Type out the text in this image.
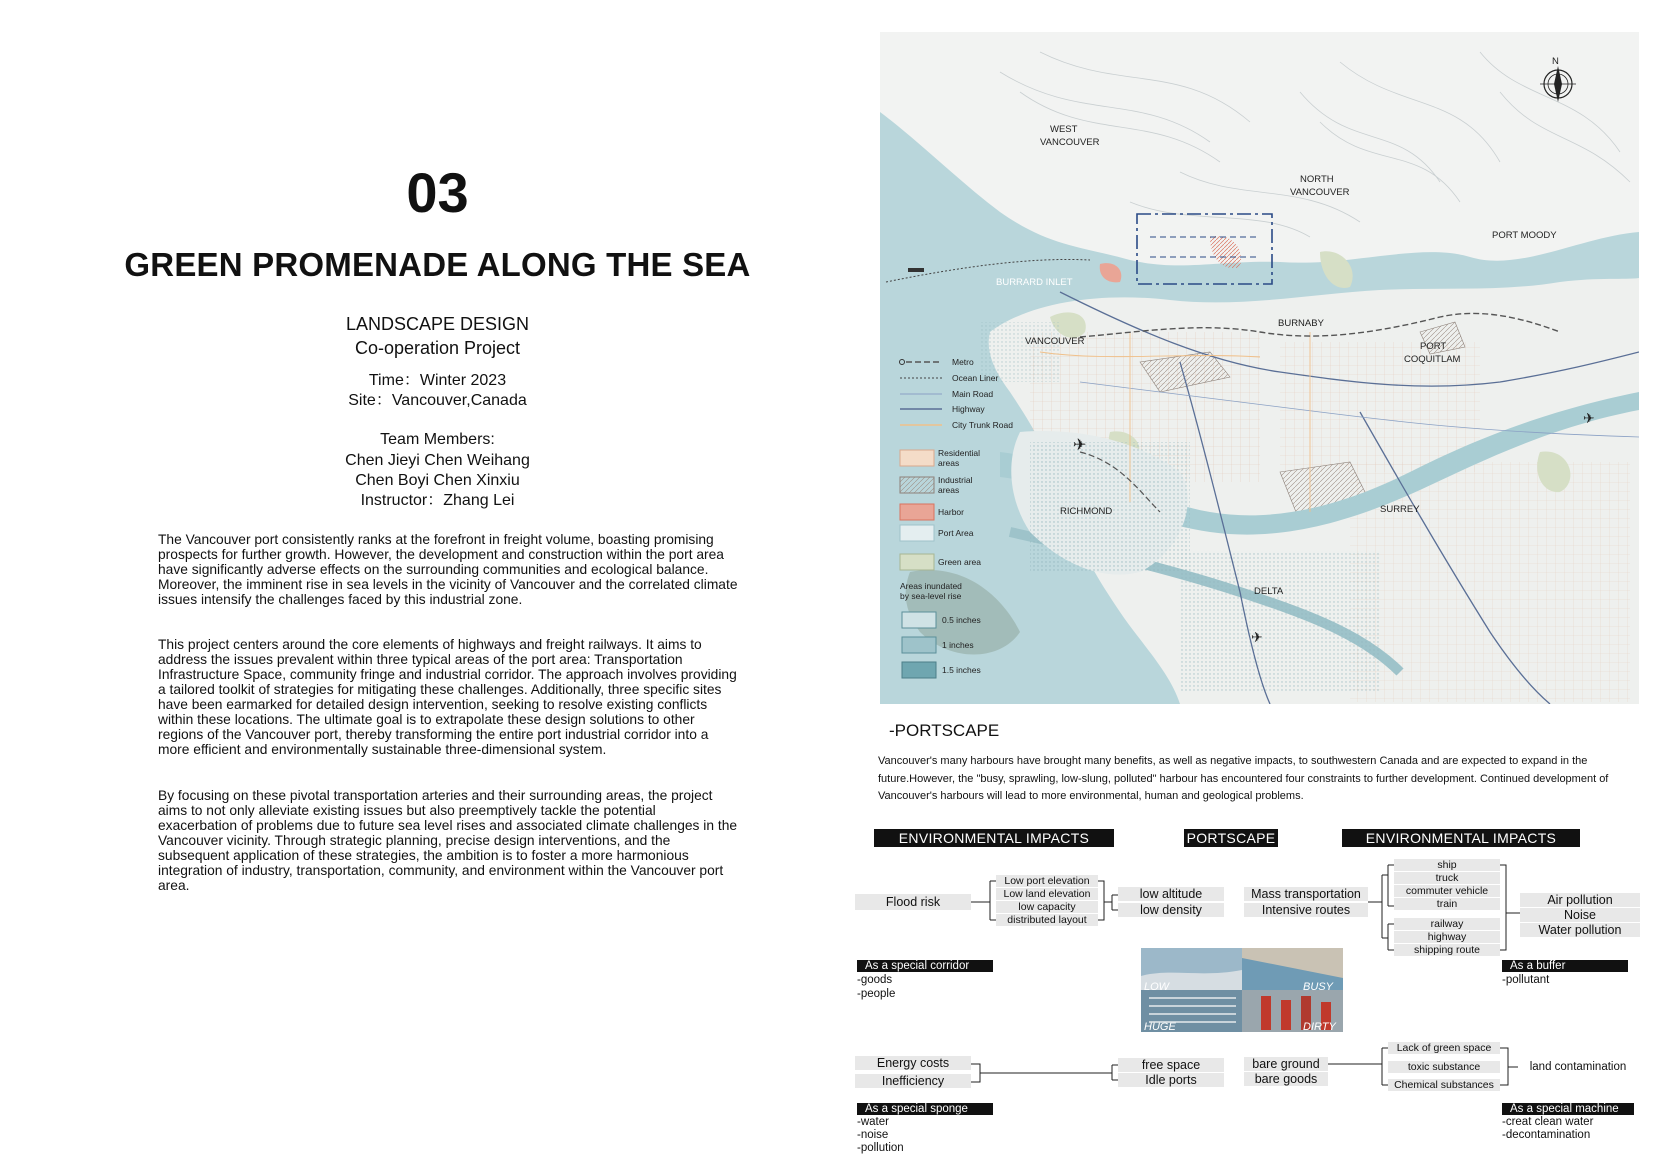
03
GREEN PROMENADE ALONG THE SEA
LANDSCAPE DESIGN
Co-operation Project
Time：Winter 2023
Site：Vancouver,Canada
Team Members:
Chen Jieyi Chen Weihang
Chen Boyi Chen Xinxiu
Instructor：Zhang Lei
The Vancouver port consistently ranks at the forefront in freight volume, boasting promising prospects for further growth. However, the development and construction within the port area have significantly adverse effects on the surrounding communities and ecological balance. Moreover, the imminent rise in sea levels in the vicinity of Vancouver and the correlated climate issues intensify the challenges faced by this industrial zone.
This project centers around the core elements of highways and freight railways. It aims to address the issues prevalent within three typical areas of the port area: Transportation Infrastructure Space, community fringe and industrial corridor. The approach involves providing a tailored toolkit of strategies for mitigating these challenges. Additionally, three specific sites have been earmarked for detailed design intervention, seeking to resolve existing conflicts within these locations. The ultimate goal is to extrapolate these design solutions to other regions of the Vancouver port, thereby transforming the entire port industrial corridor into a more efficient and environmentally sustainable three-dimensional system.
By focusing on these pivotal transportation arteries and their surrounding areas, the project aims to not only alleviate existing issues but also preemptively tackle the potential exacerbation of problems due to future sea level rises and associated climate challenges in the Vancouver vicinity. Through strategic planning, precise design interventions, and the subsequent application of these strategies, the ambition is to foster a more harmonious integration of industry, transportation, community, and environment within the Vancouver port area.
✈
✈
✈
N
WEST
VANCOUVER
NORTH
VANCOUVER
PORT MOODY
BURRARD INLET
BURNABY
VANCOUVER	PORT
COQUITLAM
RICHMOND	SURREY
DELTA
Metro
Ocean Liner
Main Road
Highway
City Trunk Road
Residential
areas
Industrial
areas
Harbor
Port Area
Green area
Areas inundated
by sea-level rise
0.5 inches
1 inches
1.5 inches
-PORTSCAPE
Vancouver's many harbours have brought many benefits, as well as negative impacts, to southwestern Canada and are expected to expand in the future.However, the "busy, sprawling, low-slung, polluted" harbour has encountered four constraints to further development. Continued development of Vancouver's harbours will lead to more environmental, human and geological problems.
ENVIRONMENTAL IMPACTS	PORTSCAPE	ENVIRONMENTAL IMPACTS
Flood risk
Low port elevation
Low land elevation
low capacity
distributed layout
low altitude
low density
Mass transportation
Intensive routes
ship
truck
commuter vehicle
train
railway
highway
shipping route
Air pollution
Noise
Water pollution
As a special corridor
-goods
-people
As a buffer
-pollutant
LOW	BUSY
HUGE	DIRTY
Energy costs
Inefficiency
free space
Idle ports
bare ground
bare goods
Lack of green space
toxic substance
Chemical substances
land contamination
As a special sponge
-water
-noise
-pollution
As a special machine
-creat clean water
-decontamination
